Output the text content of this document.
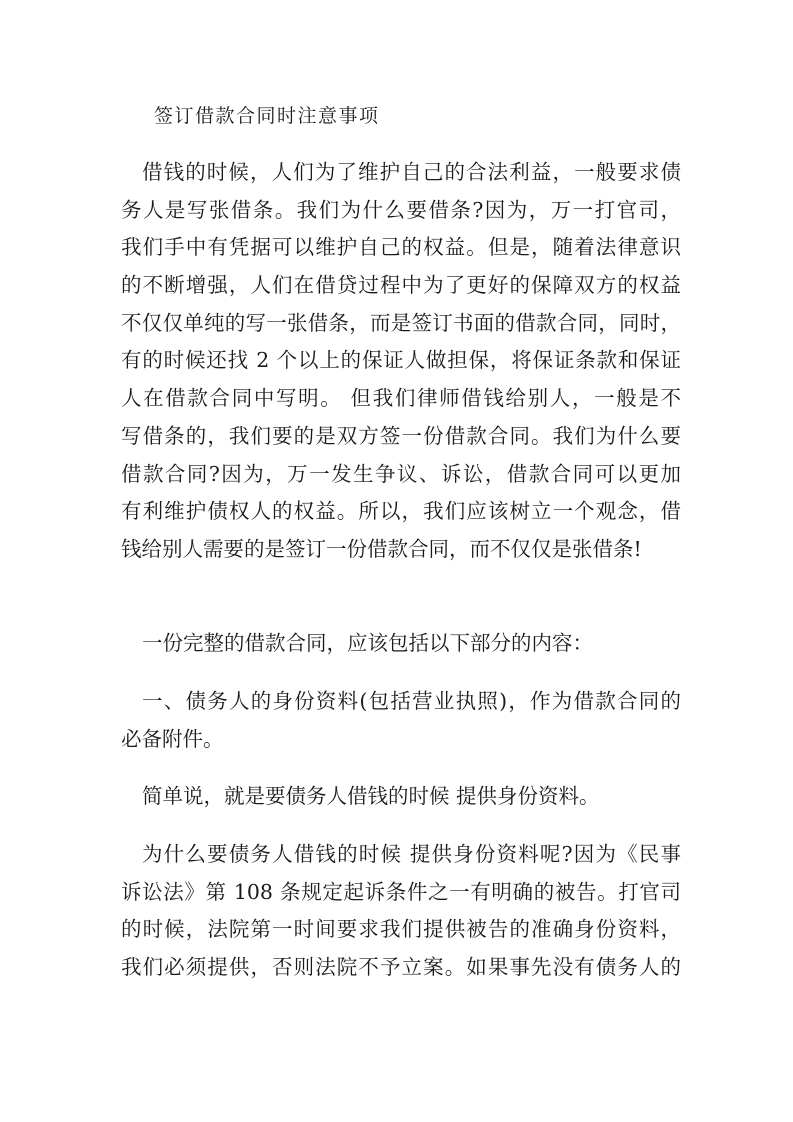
签订借款合同时注意事项
借钱的时候，人们为了维护自己的合法利益，一般要求债
务人是写张借条。我们为什么要借条?因为，万一打官司，
我们手中有凭据可以维护自己的权益。但是，随着法律意识
的不断增强，人们在借贷过程中为了更好的保障双方的权益
不仅仅单纯的写一张借条，而是签订书面的借款合同，同时，
有的时候还找 2 个以上的保证人做担保，将保证条款和保证
人在借款合同中写明。 但我们律师借钱给别人，一般是不
写借条的，我们要的是双方签一份借款合同。我们为什么要
借款合同?因为，万一发生争议、诉讼，借款合同可以更加
有利维护债权人的权益。所以，我们应该树立一个观念，借
钱给别人需要的是签订一份借款合同，而不仅仅是张借条!
一份完整的借款合同，应该包括以下部分的内容：
一、债务人的身份资料(包括营业执照)，作为借款合同的
必备附件。
简单说，就是要债务人借钱的时候 提供身份资料。
为什么要债务人借钱的时候 提供身份资料呢?因为《民事
诉讼法》第 108 条规定起诉条件之一有明确的被告。打官司
的时候，法院第一时间要求我们提供被告的准确身份资料，
我们必须提供，否则法院不予立案。如果事先没有债务人的
